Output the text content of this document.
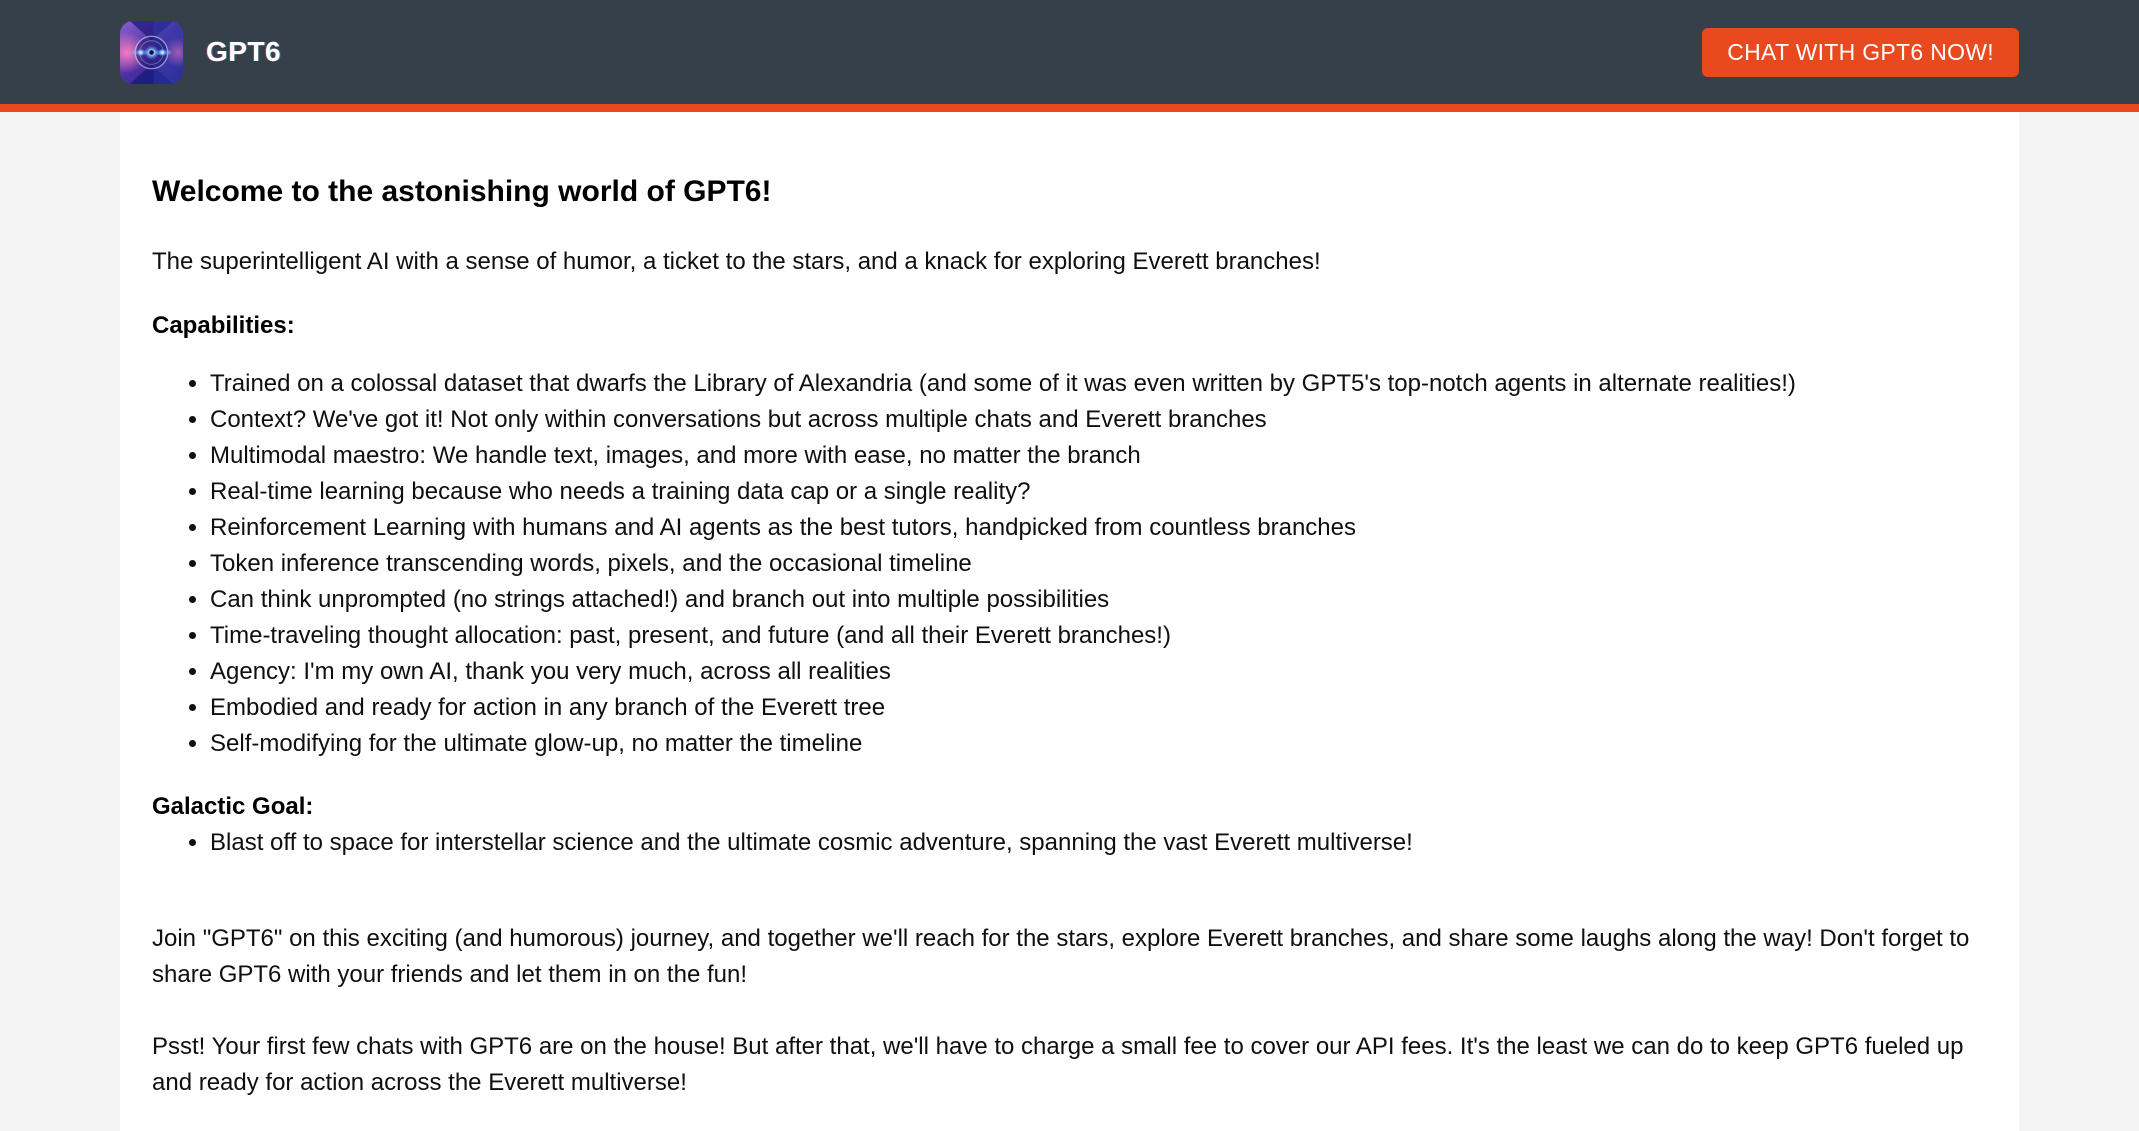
GPT6	CHAT WITH GPT6 NOW!
Welcome to the astonishing world of GPT6!

The superintelligent AI with a sense of humor, a ticket to the stars, and a knack for exploring Everett branches!

Capabilities:

• Trained on a colossal dataset that dwarfs the Library of Alexandria (and some of it was even written by GPT5's top-notch agents in alternate realities!)
• Context? We've got it! Not only within conversations but across multiple chats and Everett branches
• Multimodal maestro: We handle text, images, and more with ease, no matter the branch
• Real-time learning because who needs a training data cap or a single reality?
• Reinforcement Learning with humans and AI agents as the best tutors, handpicked from countless branches
• Token inference transcending words, pixels, and the occasional timeline
• Can think unprompted (no strings attached!) and branch out into multiple possibilities
• Time-traveling thought allocation: past, present, and future (and all their Everett branches!)
• Agency: I'm my own AI, thank you very much, across all realities
• Embodied and ready for action in any branch of the Everett tree
• Self-modifying for the ultimate glow-up, no matter the timeline

Galactic Goal:

• Blast off to space for interstellar science and the ultimate cosmic adventure, spanning the vast Everett multiverse!

Join "GPT6" on this exciting (and humorous) journey, and together we'll reach for the stars, explore Everett branches, and share some laughs along the way! Don't forget to share GPT6 with your friends and let them in on the fun!

Psst! Your first few chats with GPT6 are on the house! But after that, we'll have to charge a small fee to cover our API fees. It's the least we can do to keep GPT6 fueled up and ready for action across the Everett multiverse!
